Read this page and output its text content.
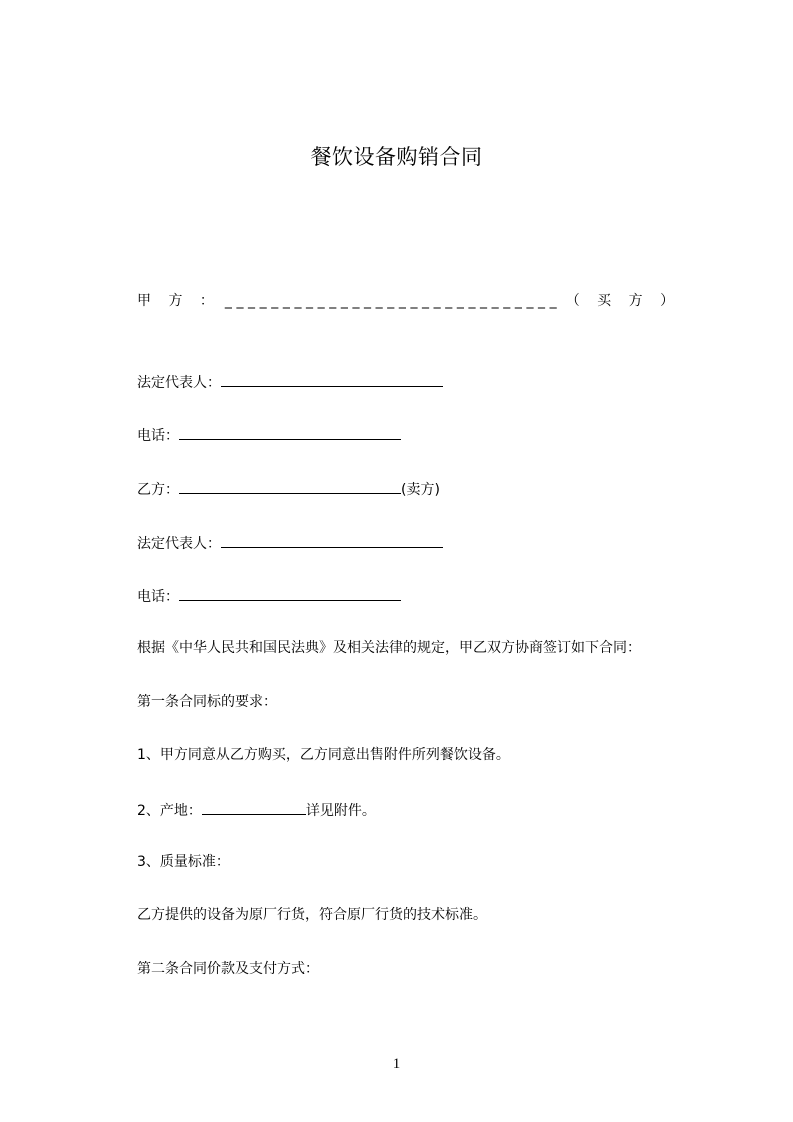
餐饮设备购销合同
甲 方 ： _____________________________ （ 买 方 ）
法定代表人：
电话：
乙方：	(卖方)
法定代表人：
电话：
根据《中华人民共和国民法典》及相关法律的规定，甲乙双方协商签订如下合同：
第一条合同标的要求：
1、甲方同意从乙方购买，乙方同意出售附件所列餐饮设备。
2、产地：	详见附件。
3、质量标准：
乙方提供的设备为原厂行货，符合原厂行货的技术标准。
第二条合同价款及支付方式：
1
